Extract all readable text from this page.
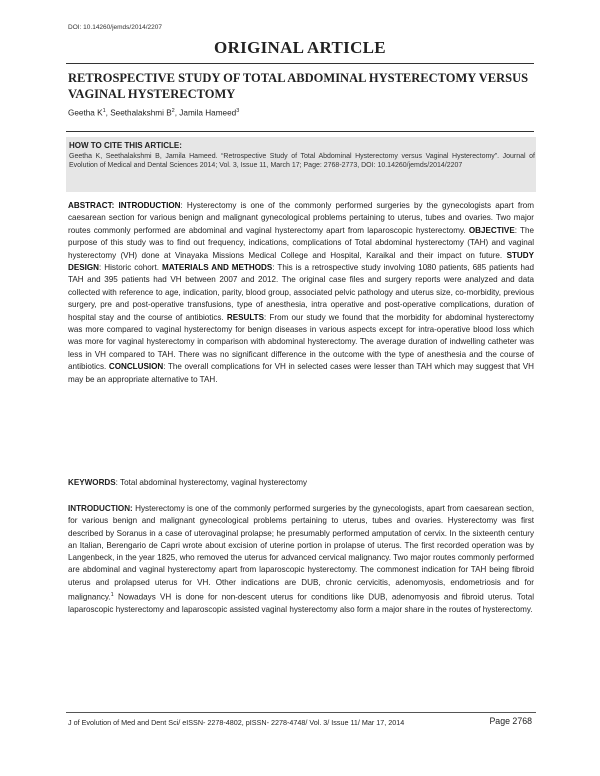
DOI: 10.14260/jemds/2014/2207
ORIGINAL ARTICLE
RETROSPECTIVE STUDY OF TOTAL ABDOMINAL HYSTERECTOMY VERSUS VAGINAL HYSTERECTOMY
Geetha $K^1$, Seethalakshmi $B^2$, Jamila Hameed$^3$
HOW TO CITE THIS ARTICLE:
Geetha K, Seethalakshmi B, Jamila Hameed. “Retrospective Study of Total Abdominal Hysterectomy versus Vaginal Hysterectomy”. Journal of Evolution of Medical and Dental Sciences 2014; Vol. 3, Issue 11, March 17; Page: 2768-2773, DOI: 10.14260/jemds/2014/2207
ABSTRACT: INTRODUCTION: Hysterectomy is one of the commonly performed surgeries by the gynecologists apart from caesarean section for various benign and malignant gynecological problems pertaining to uterus, tubes and ovaries. Two major routes commonly performed are abdominal and vaginal hysterectomy apart from laparoscopic hysterectomy. OBJECTIVE: The purpose of this study was to find out frequency, indications, complications of Total abdominal hysterectomy (TAH) and vaginal hysterectomy (VH) done at Vinayaka Missions Medical College and Hospital, Karaikal and their impact on future. STUDY DESIGN: Historic cohort. MATERIALS AND METHODS: This is a retrospective study involving 1080 patients, 685 patients had TAH and 395 patients had VH between 2007 and 2012. The original case files and surgery reports were analyzed and data collected with reference to age, indication, parity, blood group, associated pelvic pathology and uterus size, co-morbidity, previous surgery, pre and post-operative transfusions, type of anesthesia, intra operative and post-operative complications, duration of hospital stay and the course of antibiotics. RESULTS: From our study we found that the morbidity for abdominal hysterectomy was more compared to vaginal hysterectomy for benign diseases in various aspects except for intra-operative blood loss which was more for vaginal hysterectomy in comparison with abdominal hysterectomy. The average duration of indwelling catheter was less in VH compared to TAH. There was no significant difference in the outcome with the type of anesthesia and the course of antibiotics. CONCLUSION: The overall complications for VH in selected cases were lesser than TAH which may suggest that VH may be an appropriate alternative to TAH.
KEYWORDS: Total abdominal hysterectomy, vaginal hysterectomy
INTRODUCTION: Hysterectomy is one of the commonly performed surgeries by the gynecologists, apart from caesarean section, for various benign and malignant gynecological problems pertaining to uterus, tubes and ovaries. Hysterectomy was first described by Soranus in a case of uterovaginal prolapse; he presumably performed amputation of cervix. In the sixteenth century an Italian, Berengario de Capri wrote about excision of uterine portion in prolapse of uterus. The first recorded operation was by Langenbeck, in the year 1825, who removed the uterus for advanced cervical malignancy. Two major routes commonly performed are abdominal and vaginal hysterectomy apart from laparoscopic hysterectomy. The commonest indication for TAH being fibroid uterus and prolapsed uterus for VH. Other indications are DUB, chronic cervicitis, adenomyosis, endometriosis and for malignancy.$^1$ Nowadays VH is done for non-descent uterus for conditions like DUB, adenomyosis and fibroid uterus. Total laparoscopic hysterectomy and laparoscopic assisted vaginal hysterectomy also form a major share in the routes of hysterectomy.
J of Evolution of Med and Dent Sci/ eISSN- 2278-4802, pISSN- 2278-4748/ Vol. 3/ Issue 11/ Mar 17, 2014	Page 2768
